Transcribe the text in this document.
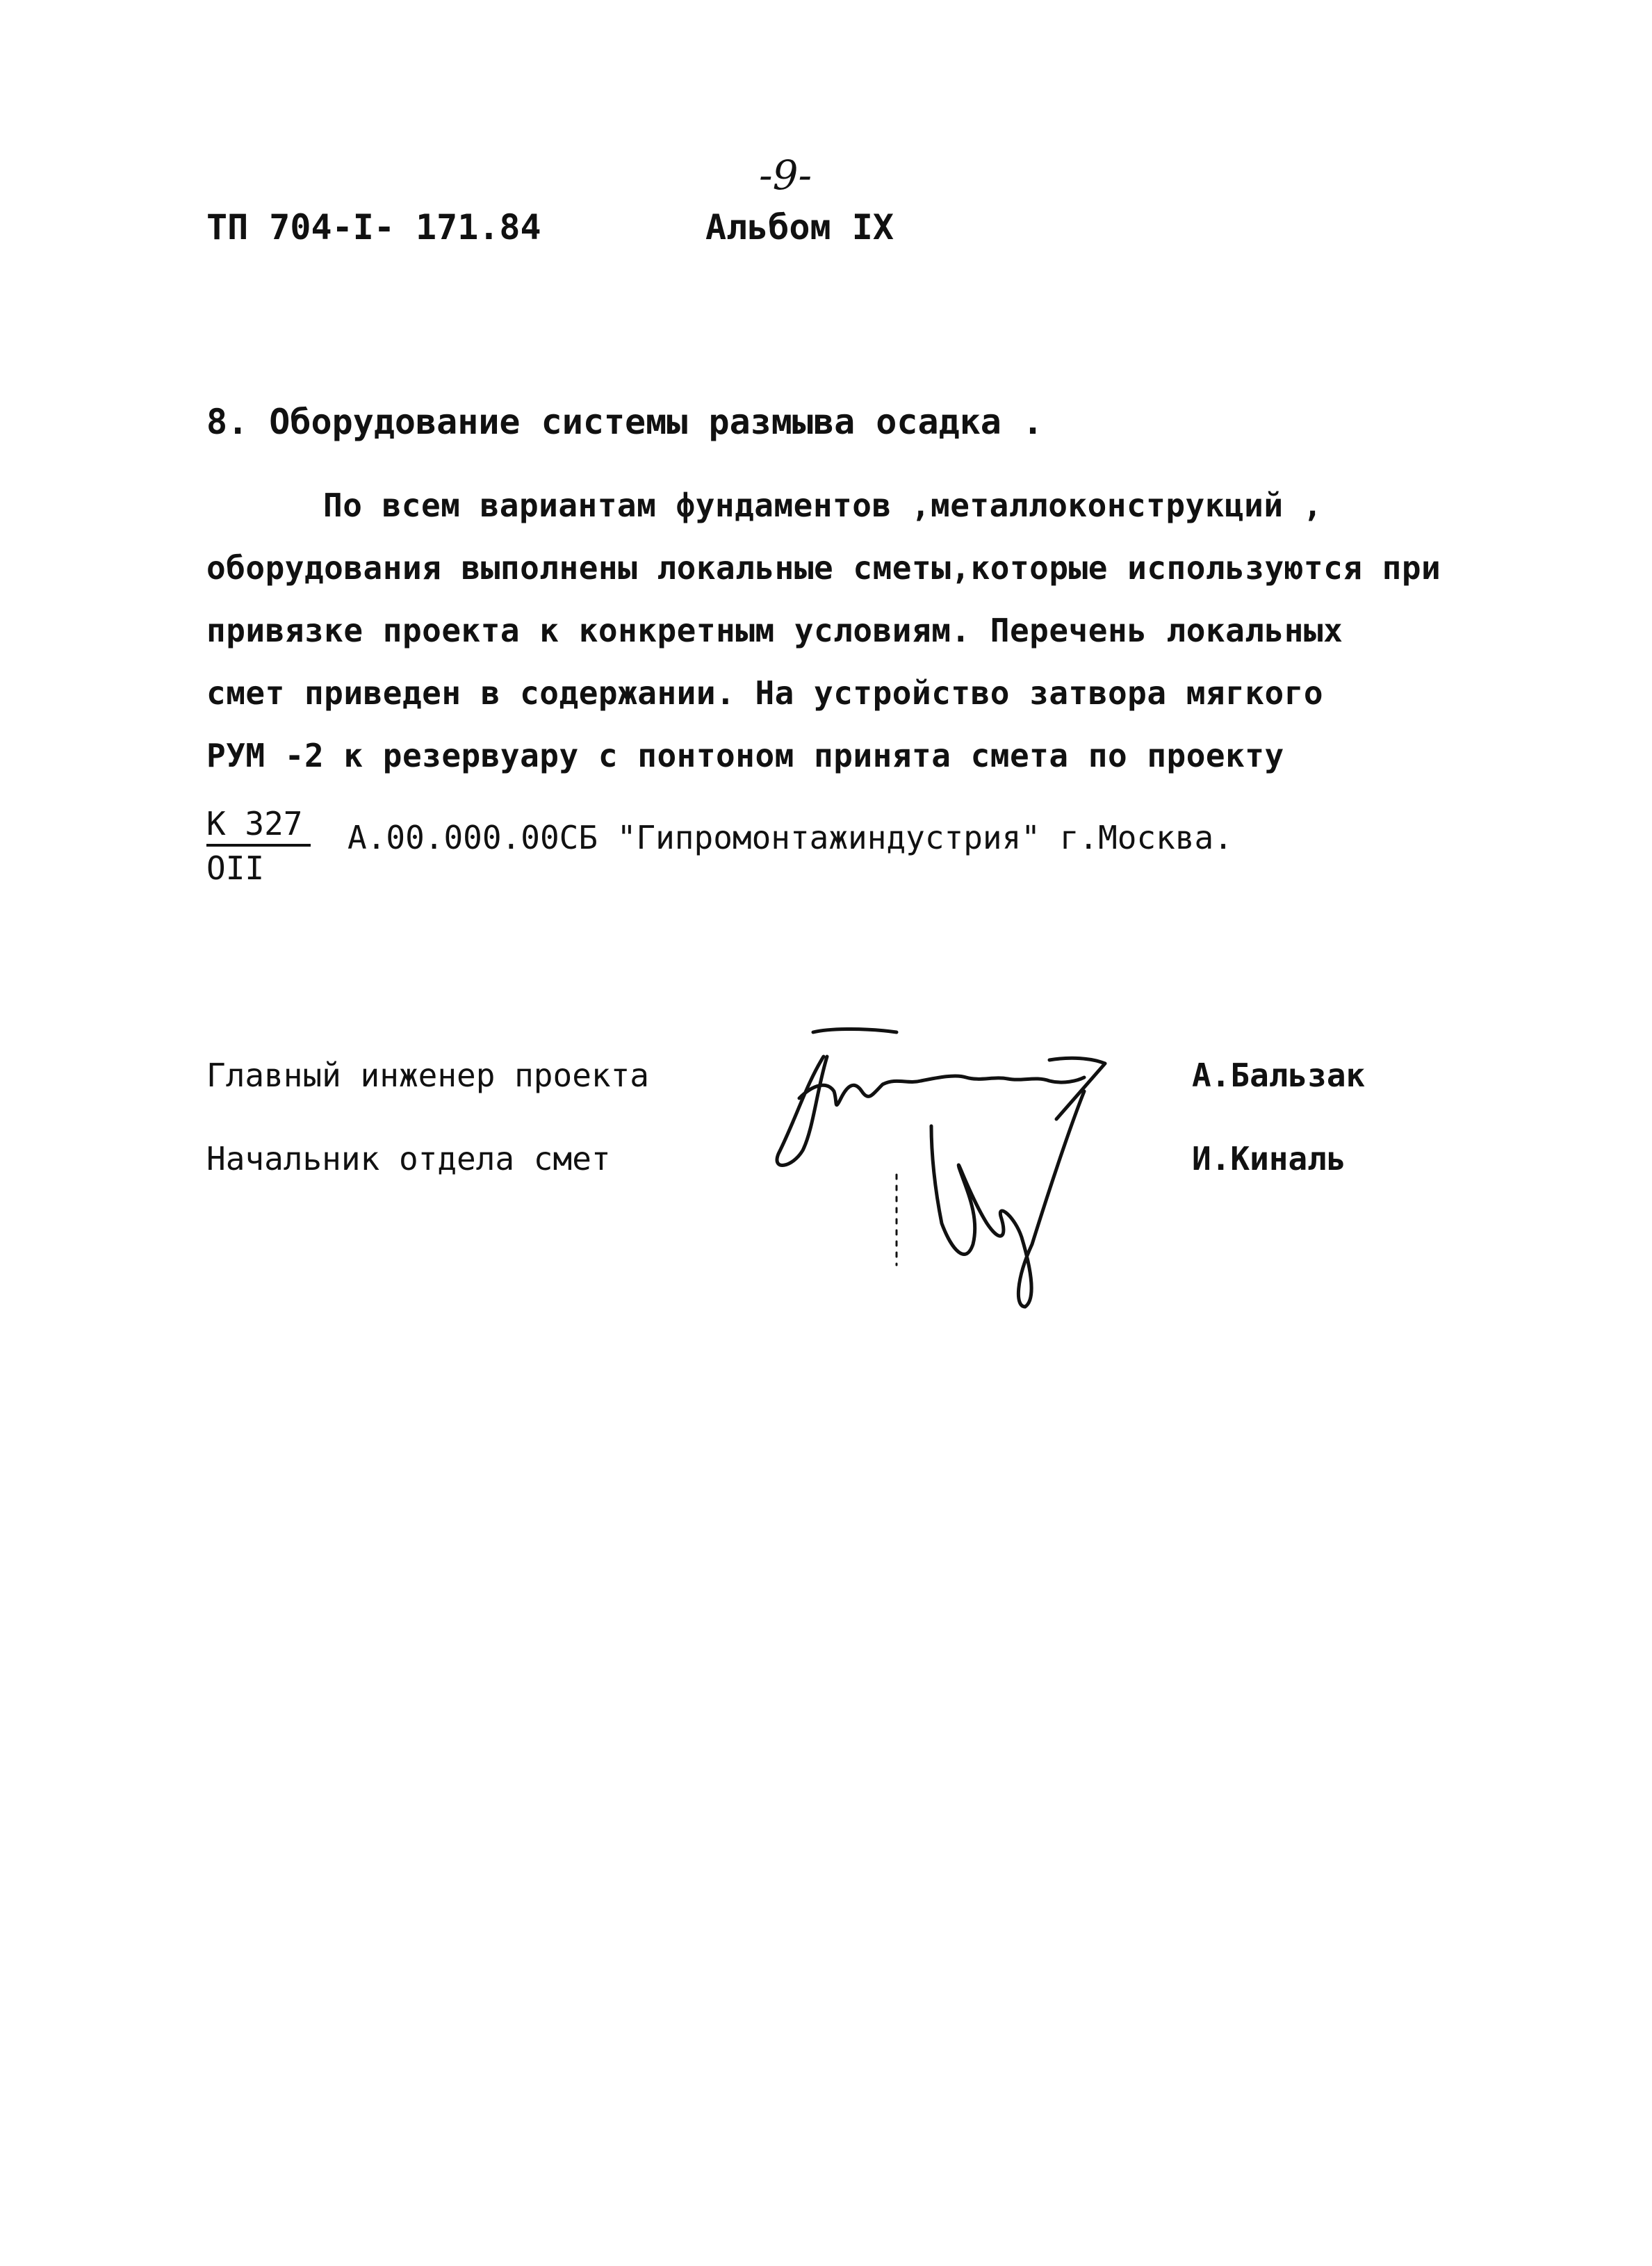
-9-
ТП 704-I- 171.84	Альбом IX
8. Оборудование системы размыва осадка .
По всем вариантам фундаментов ,металлоконструкций ,
оборудования выполнены локальные сметы,которые используются при
привязке проекта к конкретным условиям. Перечень локальных
смет приведен в содержании. На устройство затвора мягкого
РУМ -2 к резервуару с понтоном принята смета по проекту
К 327
OII
А.00.000.00СБ "Гипромонтажиндустрия" г.Москва.
Главный инженер проекта	А.Бальзак
Начальник отдела смет	И.Киналь
